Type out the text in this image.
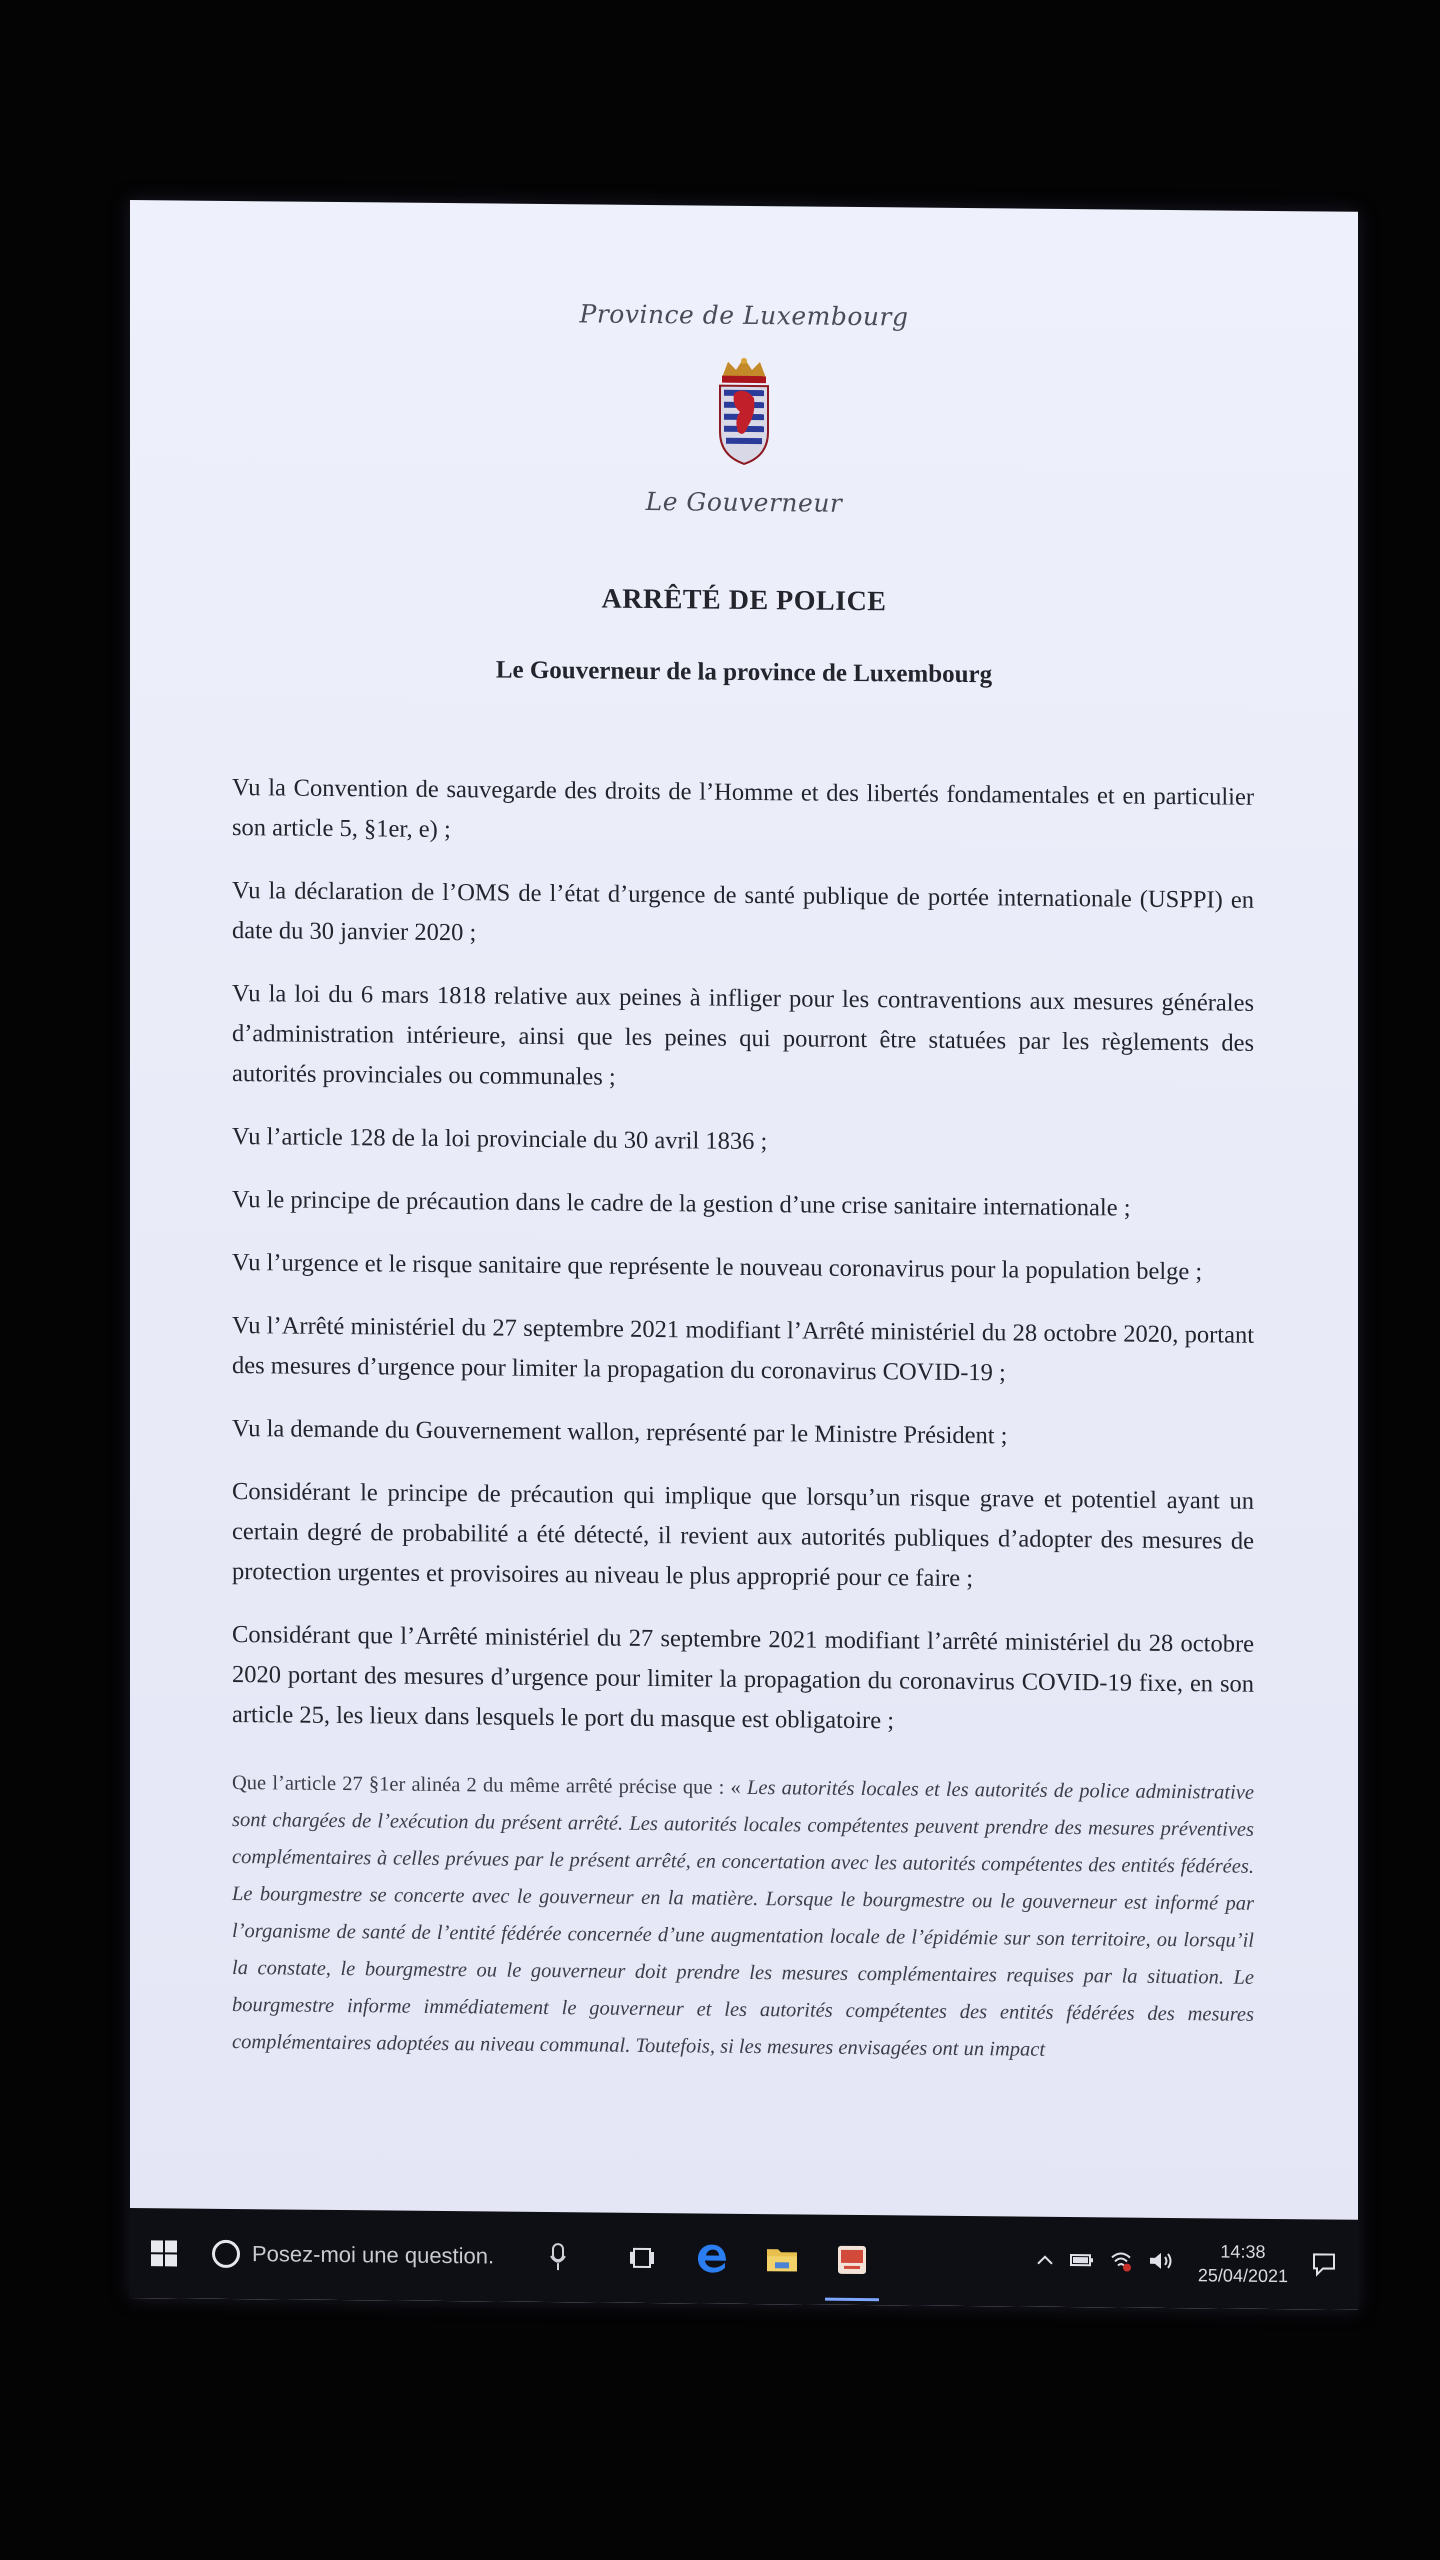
Province de Luxembourg
Le Gouverneur
ARRÊTÉ DE POLICE
Le Gouverneur de la province de Luxembourg

Vu la Convention de sauvegarde des droits de l’Homme et des libertés fondamentales et en particulier son article 5, §1er, e) ;

Vu la déclaration de l’OMS de l’état d’urgence de santé publique de portée internationale (USPPI) en date du 30 janvier 2020 ;

Vu la loi du 6 mars 1818 relative aux peines à infliger pour les contraventions aux mesures générales d’administration intérieure, ainsi que les peines qui pourront être statuées par les règlements des autorités provinciales ou communales ;

Vu l’article 128 de la loi provinciale du 30 avril 1836 ;

Vu le principe de précaution dans le cadre de la gestion d’une crise sanitaire internationale ;

Vu l’urgence et le risque sanitaire que représente le nouveau coronavirus pour la population belge ;

Vu l’Arrêté ministériel du 27 septembre 2021 modifiant l’Arrêté ministériel du 28 octobre 2020, portant des mesures d’urgence pour limiter la propagation du coronavirus COVID-19 ;

Vu la demande du Gouvernement wallon, représenté par le Ministre Président ;

Considérant le principe de précaution qui implique que lorsqu’un risque grave et potentiel ayant un certain degré de probabilité a été détecté, il revient aux autorités publiques d’adopter des mesures de protection urgentes et provisoires au niveau le plus approprié pour ce faire ;

Considérant que l’Arrêté ministériel du 27 septembre 2021 modifiant l’arrêté ministériel du 28 octobre 2020 portant des mesures d’urgence pour limiter la propagation du coronavirus COVID-19 fixe, en son article 25, les lieux dans lesquels le port du masque est obligatoire ;

Que l’article 27 §1er alinéa 2 du même arrêté précise que : « Les autorités locales et les autorités de police administrative sont chargées de l’exécution du présent arrêté. Les autorités locales compétentes peuvent prendre des mesures préventives complémentaires à celles prévues par le présent arrêté, en concertation avec les autorités compétentes des entités fédérées. Le bourgmestre se concerte avec le gouverneur en la matière. Lorsque le bourgmestre ou le gouverneur est informé par l’organisme de santé de l’entité fédérée concernée d’une augmentation locale de l’épidémie sur son territoire, ou lorsqu’il la constate, le bourgmestre ou le gouverneur doit prendre les mesures complémentaires requises par la situation. Le bourgmestre informe immédiatement le gouverneur et les autorités compétentes des entités fédérées des mesures complémentaires adoptées au niveau communal. Toutefois, si les mesures envisagées ont un impact

Posez-moi une question.	14:38
25/04/2021
